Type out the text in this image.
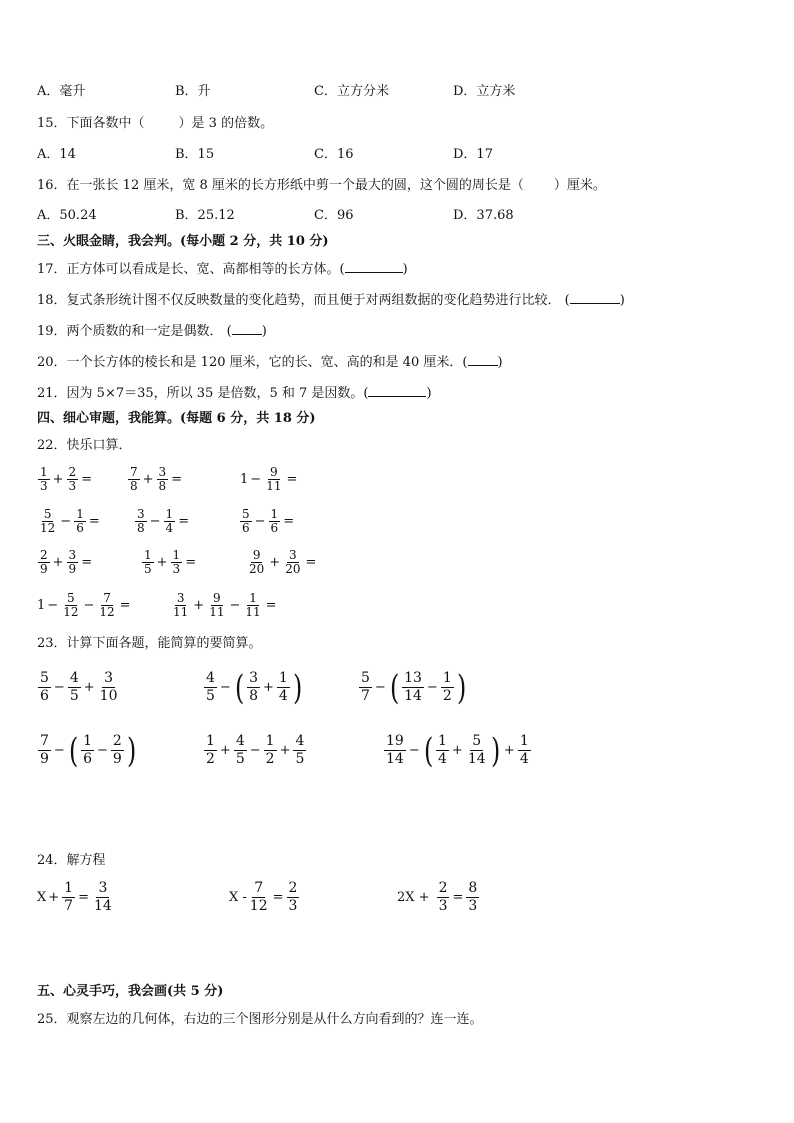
A．毫升	B．升	C．立方分米	D．立方米
15．下面各数中（	）是 3 的倍数。
A．14	B．15	C．16	D．17
16．在一张长 12 厘米，宽 8 厘米的长方形纸中剪一个最大的圆，这个圆的周长是（ ）厘米。
A．50.24	B．25.12	C．96	D．37.68
三、火眼金睛，我会判。(每小题 2 分，共 10 分)
17．正方体可以看成是长、宽、高都相等的长方体。(	)
18．复式条形统计图不仅反映数量的变化趋势，而且便于对两组数据的变化趋势进行比较． (	)
19．两个质数的和一定是偶数． ( )
20．一个长方体的棱长和是 120 厘米，它的长、宽、高的和是 40 厘米．( )
21．因为 5×7＝35，所以 35 是倍数，5 和 7 是因数。(	)
四、细心审题，我能算。(每题 6 分，共 18 分)
22．快乐口算．
$\frac{1}{3} + \frac{2}{3}$ =	$\frac{7}{8} + \frac{3}{8}$ =	$1 - \frac{9}{11}$ =
$\frac{5}{12} - \frac{1}{6}$ =	$\frac{3}{8} - \frac{1}{4}$ =	$\frac{5}{6} - \frac{1}{6}$ =
$\frac{2}{9} + \frac{3}{9}$ =	$\frac{1}{5} + \frac{1}{3}$ =	$\frac{9}{20} + \frac{3}{20}$ =
$1 - \frac{5}{12} - \frac{7}{12}$ =	$\frac{3}{11} + \frac{9}{11} - \frac{1}{11}$ =
23．计算下面各题，能简算的要简算。
$\frac{5}{6} - \frac{4}{5} + \frac{3}{10}$	$\frac{4}{5}$ − ( $\frac{3}{8} + \frac{1}{4}$ )	$\frac{5}{7}$ − ( $\frac{13}{14} - \frac{1}{2}$ )
$\frac{7}{9}$ − ( $\frac{1}{6} - \frac{2}{9}$ )	$\frac{1}{2} + \frac{4}{5} - \frac{1}{2} + \frac{4}{5}$	$\frac{19}{14}$ − ( $\frac{1}{4} + \frac{5}{14}$ ) + $\frac{1}{4}$
24．解方程
$X + \frac{1}{7} = \frac{3}{14}$	$X - \frac{7}{12} = \frac{2}{3}$	$2X + \frac{2}{3} = \frac{8}{3}$
五、心灵手巧，我会画(共 5 分)
25．观察左边的几何体，右边的三个图形分别是从什么方向看到的？连一连。
